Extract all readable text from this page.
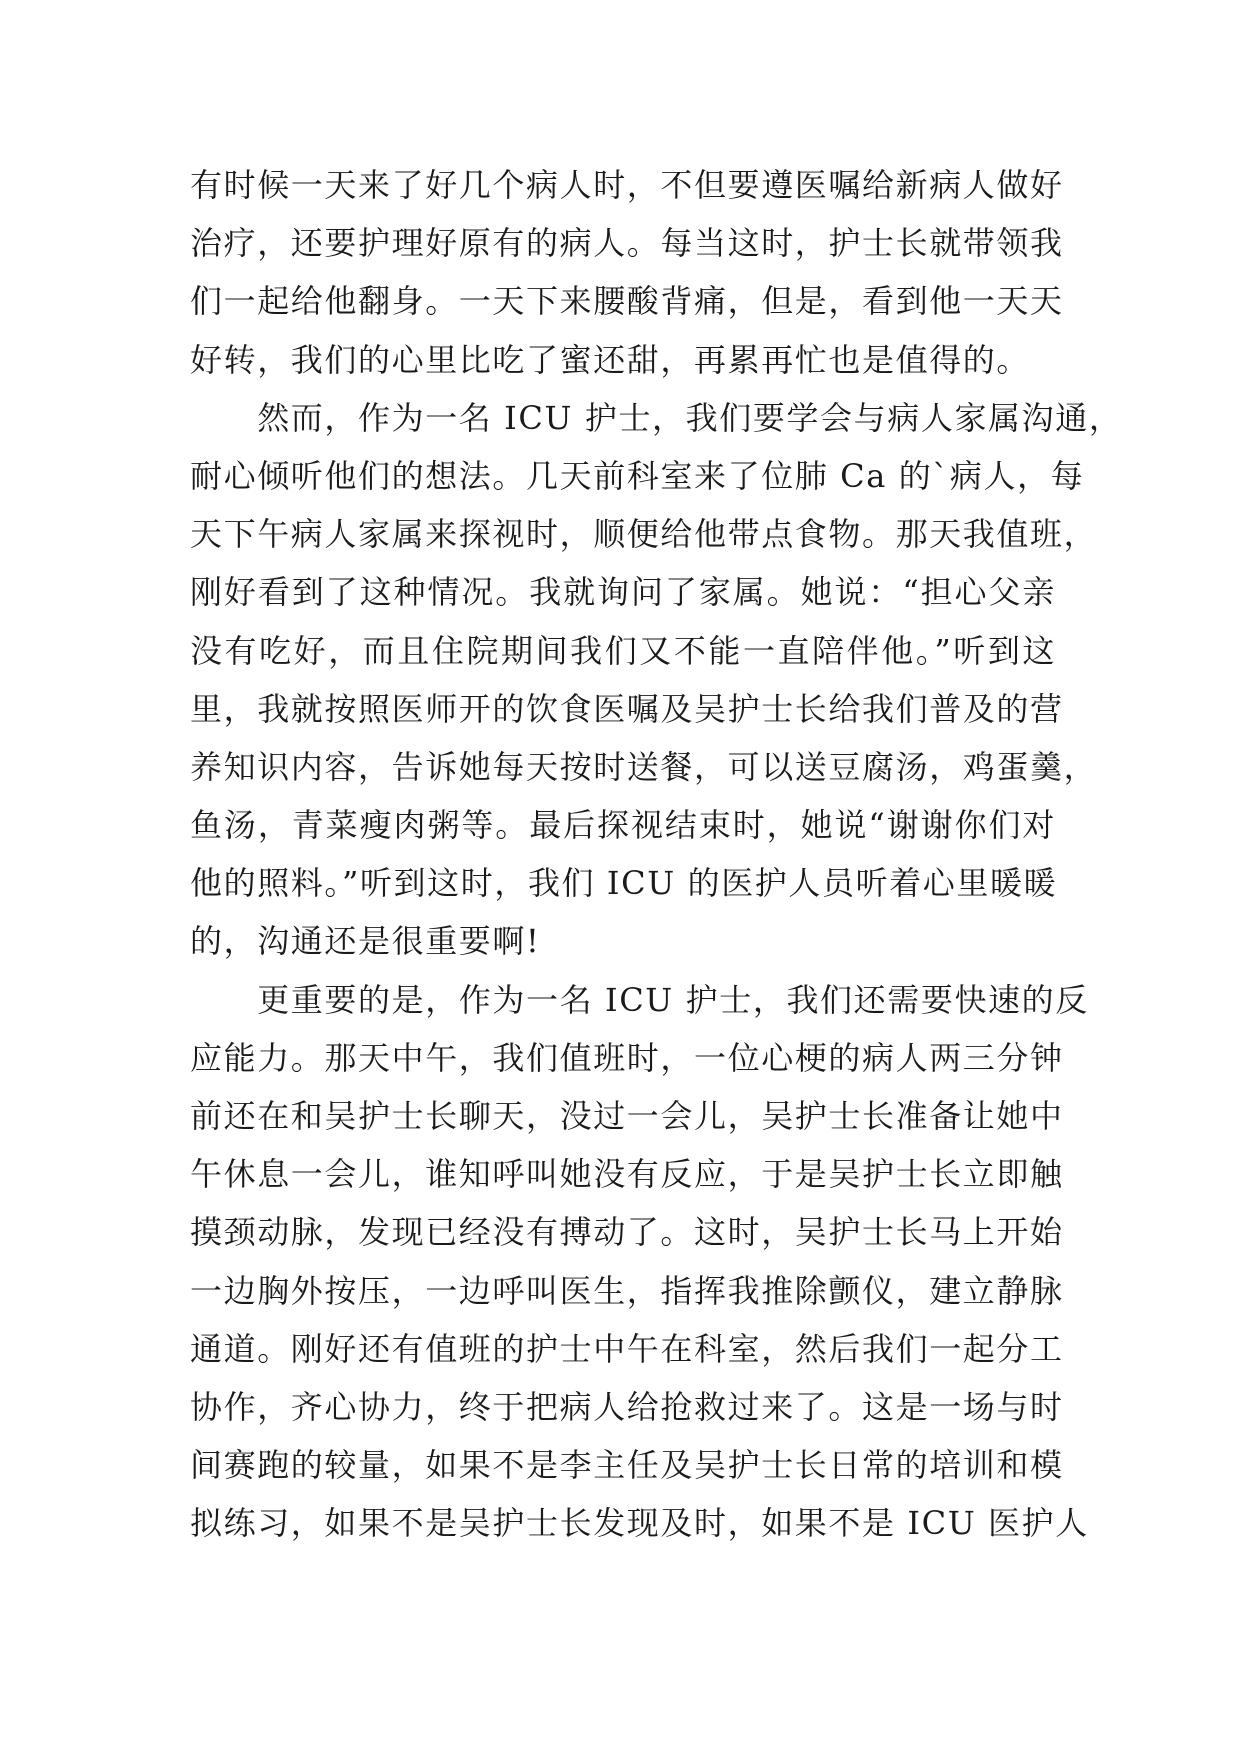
有时候一天来了好几个病人时，不但要遵医嘱给新病人做好
治疗，还要护理好原有的病人。每当这时，护士长就带领我
们一起给他翻身。一天下来腰酸背痛，但是，看到他一天天
好转，我们的心里比吃了蜜还甜，再累再忙也是值得的。
　　然而，作为一名 ICU 护士，我们要学会与病人家属沟通，
耐心倾听他们的想法。几天前科室来了位肺 Ca 的`病人，每
天下午病人家属来探视时，顺便给他带点食物。那天我值班，
刚好看到了这种情况。我就询问了家属。她说：“担心父亲
没有吃好，而且住院期间我们又不能一直陪伴他。”听到这
里，我就按照医师开的饮食医嘱及吴护士长给我们普及的营
养知识内容，告诉她每天按时送餐，可以送豆腐汤，鸡蛋羹，
鱼汤，青菜瘦肉粥等。最后探视结束时，她说“谢谢你们对
他的照料。”听到这时，我们 ICU 的医护人员听着心里暖暖
的，沟通还是很重要啊!
　　更重要的是，作为一名 ICU 护士，我们还需要快速的反
应能力。那天中午，我们值班时，一位心梗的病人两三分钟
前还在和吴护士长聊天，没过一会儿，吴护士长准备让她中
午休息一会儿，谁知呼叫她没有反应，于是吴护士长立即触
摸颈动脉，发现已经没有搏动了。这时，吴护士长马上开始
一边胸外按压，一边呼叫医生，指挥我推除颤仪，建立静脉
通道。刚好还有值班的护士中午在科室，然后我们一起分工
协作，齐心协力，终于把病人给抢救过来了。这是一场与时
间赛跑的较量，如果不是李主任及吴护士长日常的培训和模
拟练习，如果不是吴护士长发现及时，如果不是 ICU 医护人
